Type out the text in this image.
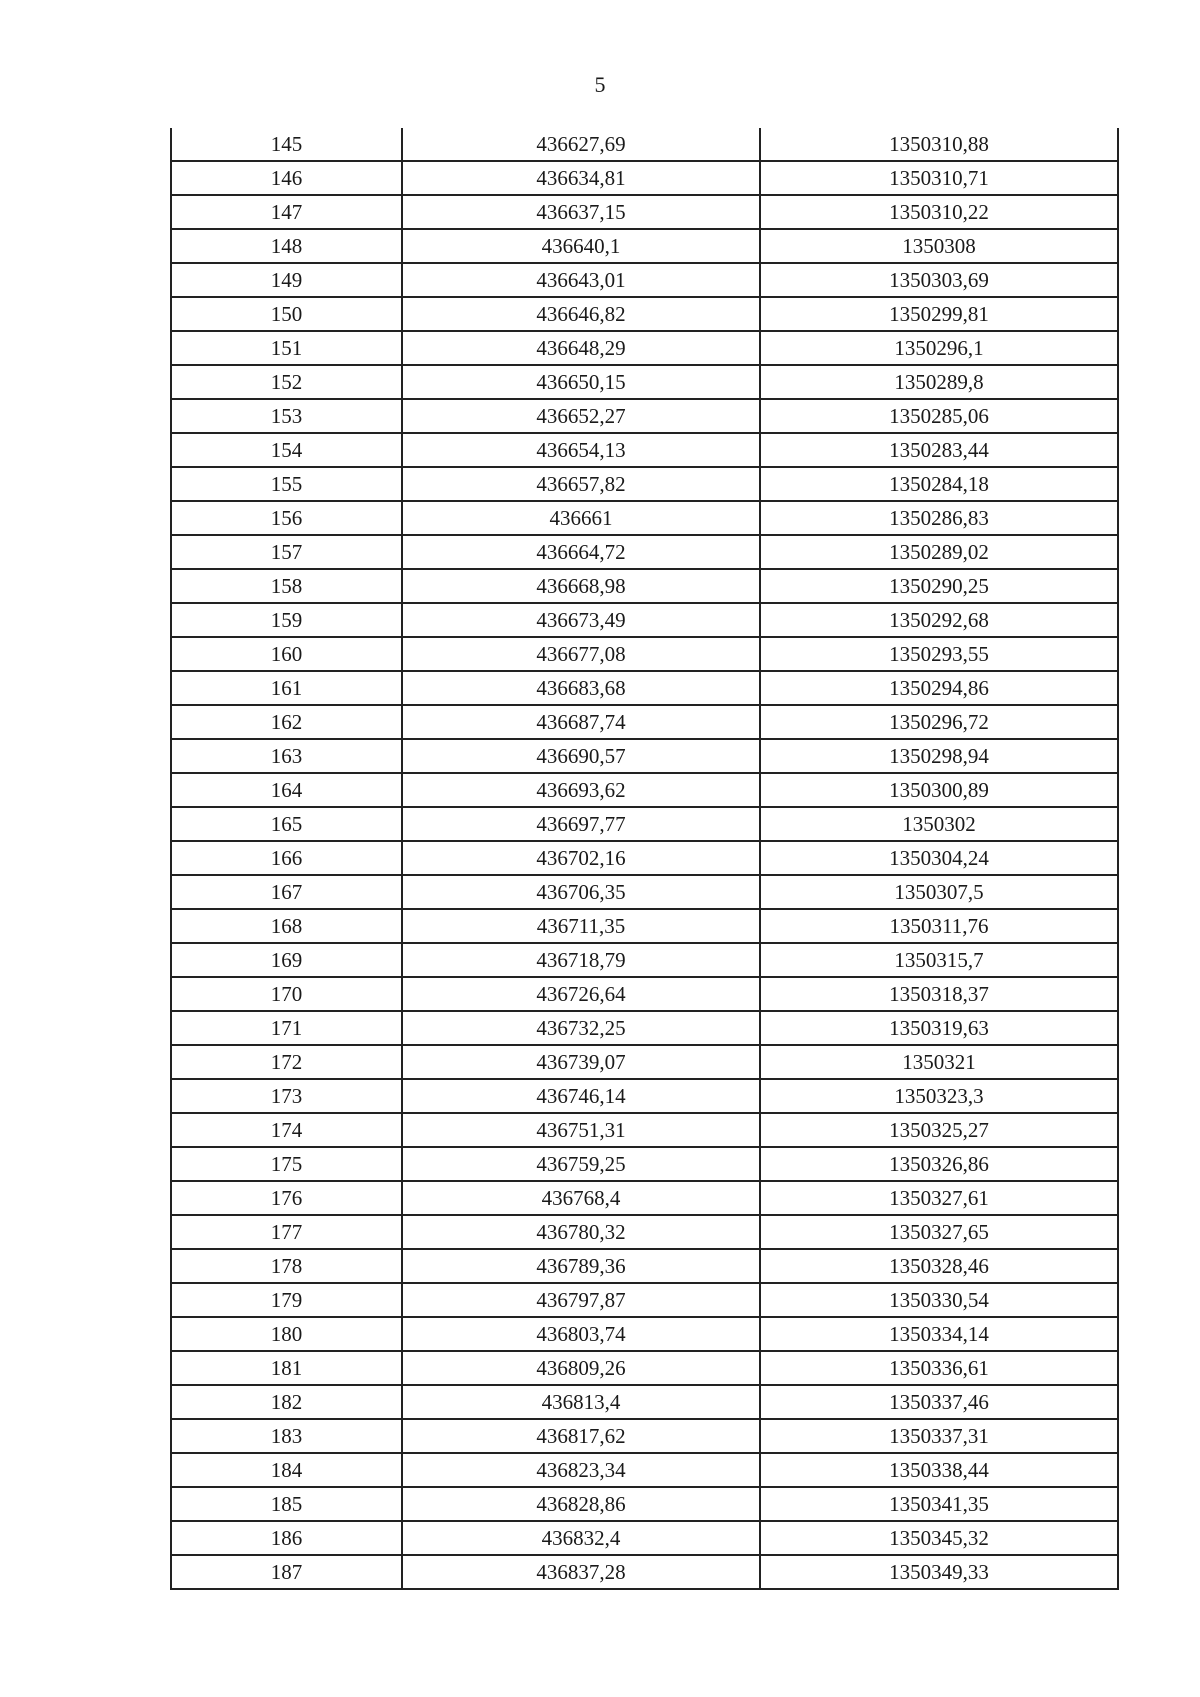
5
145	436627,69	1350310,88
146	436634,81	1350310,71
147	436637,15	1350310,22
148	436640,1	1350308
149	436643,01	1350303,69
150	436646,82	1350299,81
151	436648,29	1350296,1
152	436650,15	1350289,8
153	436652,27	1350285,06
154	436654,13	1350283,44
155	436657,82	1350284,18
156	436661	1350286,83
157	436664,72	1350289,02
158	436668,98	1350290,25
159	436673,49	1350292,68
160	436677,08	1350293,55
161	436683,68	1350294,86
162	436687,74	1350296,72
163	436690,57	1350298,94
164	436693,62	1350300,89
165	436697,77	1350302
166	436702,16	1350304,24
167	436706,35	1350307,5
168	436711,35	1350311,76
169	436718,79	1350315,7
170	436726,64	1350318,37
171	436732,25	1350319,63
172	436739,07	1350321
173	436746,14	1350323,3
174	436751,31	1350325,27
175	436759,25	1350326,86
176	436768,4	1350327,61
177	436780,32	1350327,65
178	436789,36	1350328,46
179	436797,87	1350330,54
180	436803,74	1350334,14
181	436809,26	1350336,61
182	436813,4	1350337,46
183	436817,62	1350337,31
184	436823,34	1350338,44
185	436828,86	1350341,35
186	436832,4	1350345,32
187	436837,28	1350349,33
